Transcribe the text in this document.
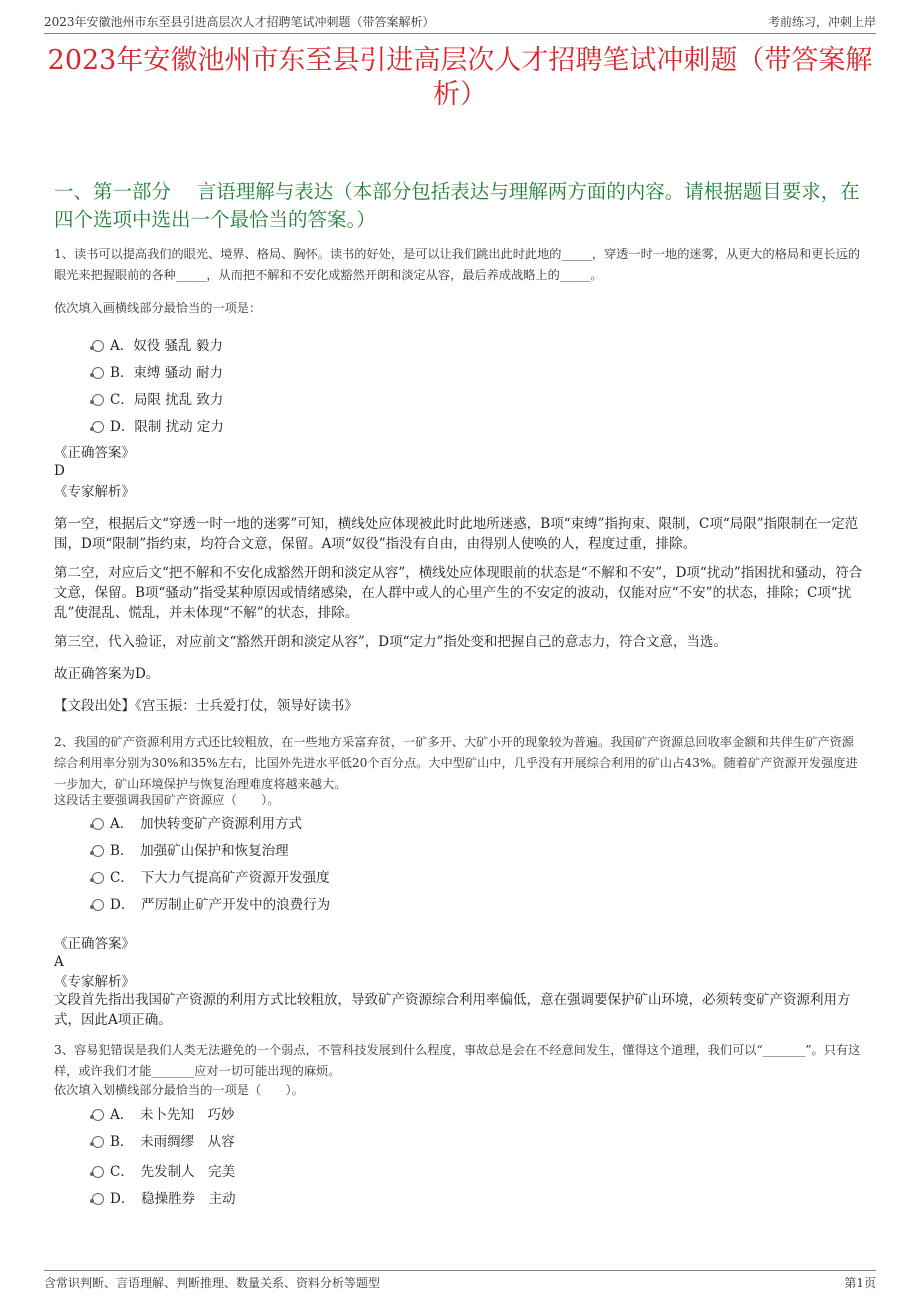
2023年安徽池州市东至县引进高层次人才招聘笔试冲刺题（带答案解析）	考前练习，冲刺上岸
2023年安徽池州市东至县引进高层次人才招聘笔试冲刺题（带答案解析）
一、第一部分　 言语理解与表达（本部分包括表达与理解两方面的内容。请根据题目要求，在四个选项中选出一个最恰当的答案。）
1、读书可以提高我们的眼光、境界、格局、胸怀。读书的好处，是可以让我们跳出此时此地的_____，穿透一时一地的迷雾，从更大的格局和更长远的眼光来把握眼前的各种_____，从而把不解和不安化成豁然开朗和淡定从容，最后养成战略上的_____。
依次填入画横线部分最恰当的一项是：
A．奴役 骚乱 毅力
B．束缚 骚动 耐力
C．局限 扰乱 致力
D．限制 扰动 定力
《正确答案》
D
《专家解析》
第一空，根据后文“穿透一时一地的迷雾”可知，横线处应体现被此时此地所迷惑，B项“束缚”指拘束、限制，C项“局限”指限制在一定范围，D项“限制”指约束，均符合文意，保留。A项“奴役”指没有自由，由得别人使唤的人，程度过重，排除。
第二空，对应后文“把不解和不安化成豁然开朗和淡定从容”，横线处应体现眼前的状态是“不解和不安”，D项“扰动”指困扰和骚动，符合文意，保留。B项“骚动”指受某种原因或情绪感染，在人群中或人的心里产生的不安定的波动，仅能对应“不安”的状态，排除；C项“扰乱”使混乱、慌乱，并未体现“不解”的状态，排除。
第三空，代入验证，对应前文“豁然开朗和淡定从容”，D项“定力”指处变和把握自己的意志力，符合文意，当选。
故正确答案为D。
【文段出处】《宫玉振：士兵爱打仗，领导好读书》
2、我国的矿产资源利用方式还比较粗放，在一些地方采富弃贫，一矿多开、大矿小开的现象较为普遍。我国矿产资源总回收率金额和共伴生矿产资源综合利用率分别为30%和35%左右，比国外先进水平低20个百分点。大中型矿山中，几乎没有开展综合利用的矿山占43%。随着矿产资源开发强度进一步加大，矿山环境保护与恢复治理难度将越来越大。
这段话主要强调我国矿产资源应（　　）。
A．　加快转变矿产资源利用方式
B．　加强矿山保护和恢复治理
C．　下大力气提高矿产资源开发强度
D．　严厉制止矿产开发中的浪费行为
《正确答案》
A
《专家解析》
文段首先指出我国矿产资源的利用方式比较粗放，导致矿产资源综合利用率偏低，意在强调要保护矿山环境，必须转变矿产资源利用方式，因此A项正确。
3、容易犯错误是我们人类无法避免的一个弱点，不管科技发展到什么程度，事故总是会在不经意间发生，懂得这个道理，我们可以“_______”。只有这样，或许我们才能_______应对一切可能出现的麻烦。
依次填入划横线部分最恰当的一项是（　　）。
A．　未卜先知　巧妙
B．　未雨绸缪　从容
C．　先发制人　完美
D．　稳操胜券　主动
含常识判断、言语理解、判断推理、数量关系、资料分析等题型	第1页
